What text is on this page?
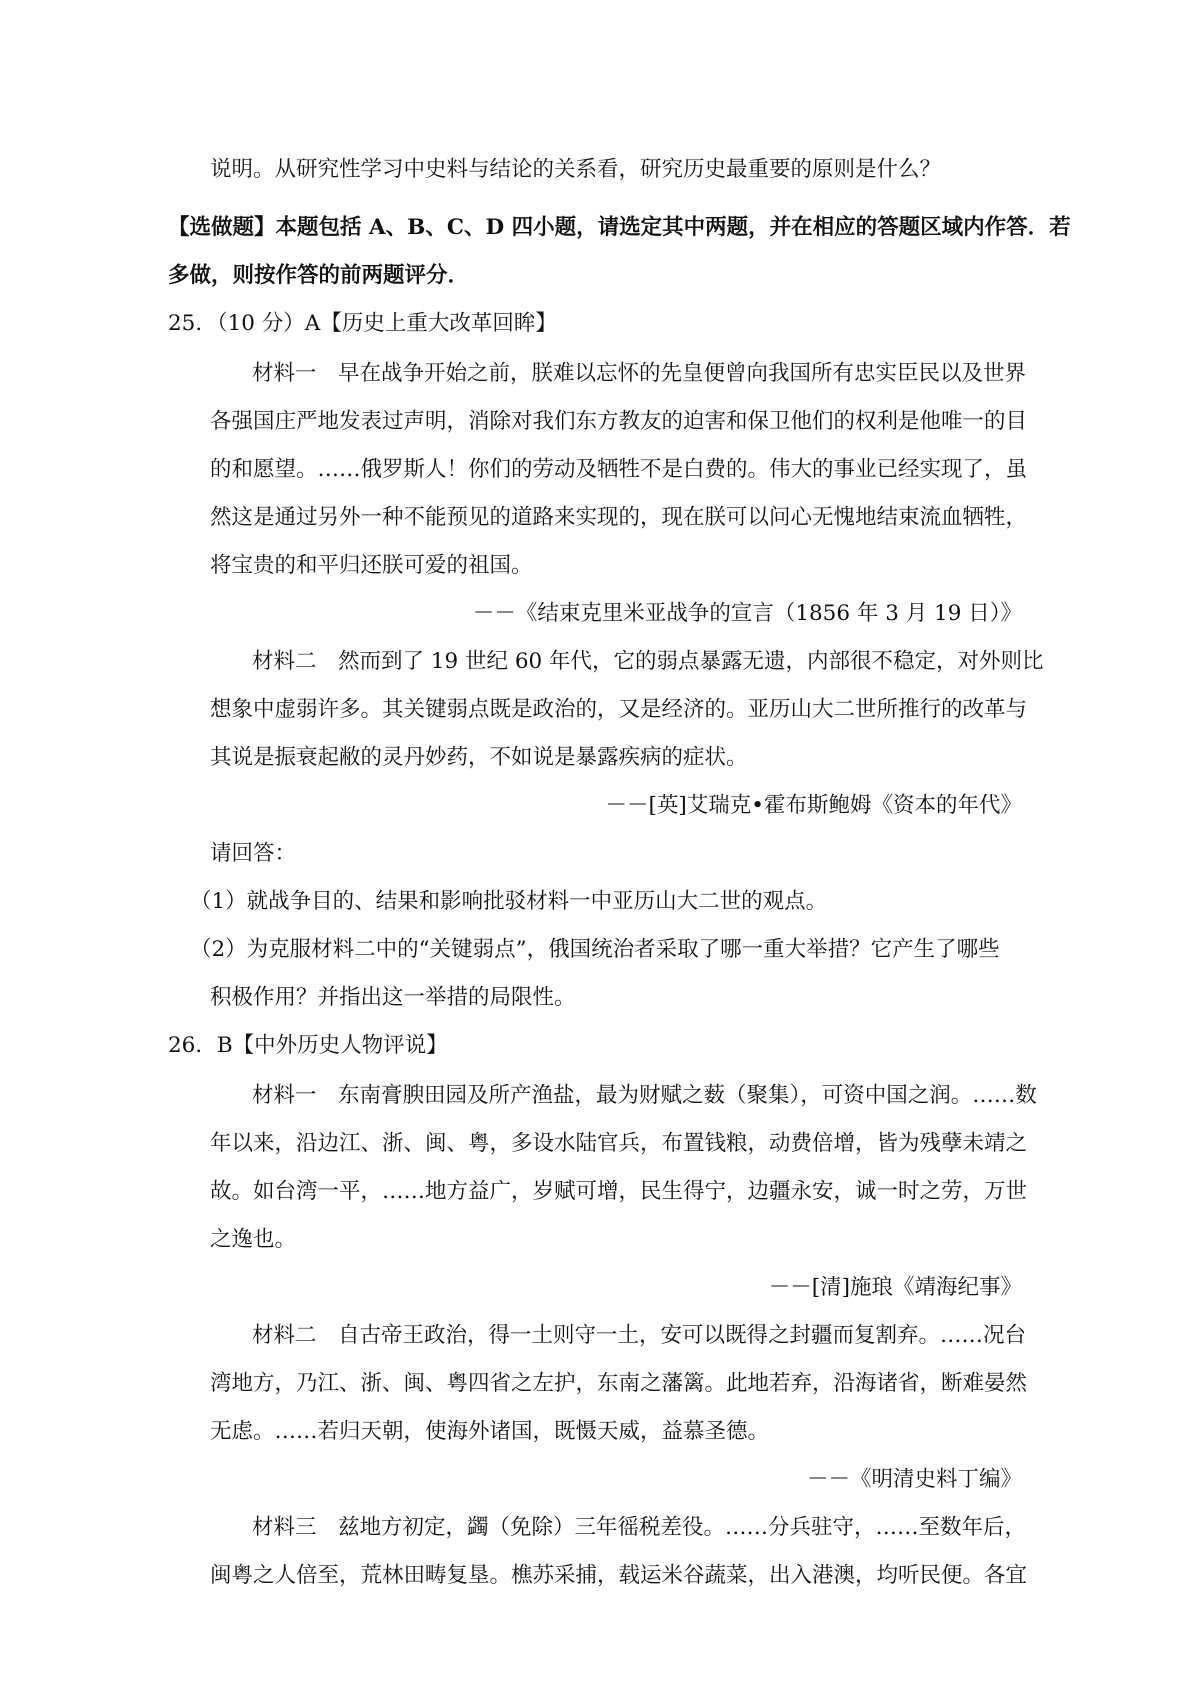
说明。从研究性学习中史料与结论的关系看，研究历史最重要的原则是什么？
【选做题】本题包括 A、B、C、D 四小题，请选定其中两题，并在相应的答题区域内作答．若
多做，则按作答的前两题评分．
25．（10 分）A【历史上重大改革回眸】
材料一　早在战争开始之前，朕难以忘怀的先皇便曾向我国所有忠实臣民以及世界
各强国庄严地发表过声明，消除对我们东方教友的迫害和保卫他们的权利是他唯一的目
的和愿望。……俄罗斯人！你们的劳动及牺牲不是白费的。伟大的事业已经实现了，虽
然这是通过另外一种不能预见的道路来实现的，现在朕可以问心无愧地结束流血牺牲，
将宝贵的和平归还朕可爱的祖国。
－－《结束克里米亚战争的宣言（1856 年 3 月 19 日）》
材料二　然而到了 19 世纪 60 年代，它的弱点暴露无遗，内部很不稳定，对外则比
想象中虚弱许多。其关键弱点既是政治的，又是经济的。亚历山大二世所推行的改革与
其说是振衰起敝的灵丹妙药，不如说是暴露疾病的症状。
－－[英]艾瑞克•霍布斯鲍姆《资本的年代》
请回答：
（1）就战争目的、结果和影响批驳材料一中亚历山大二世的观点。
（2）为克服材料二中的“关键弱点”，俄国统治者采取了哪一重大举措？它产生了哪些
积极作用？并指出这一举措的局限性。
26．B【中外历史人物评说】
材料一　东南膏腴田园及所产渔盐，最为财赋之薮（聚集），可资中国之润。……数
年以来，沿边江、浙、闽、粤，多设水陆官兵，布置钱粮，动费倍增，皆为残孽未靖之
故。如台湾一平，……地方益广，岁赋可增，民生得宁，边疆永安，诚一时之劳，万世
之逸也。
－－[清]施琅《靖海纪事》
材料二　自古帝王政治，得一土则守一土，安可以既得之封疆而复割弃。……况台
湾地方，乃江、浙、闽、粤四省之左护，东南之藩篱。此地若弃，沿海诸省，断难晏然
无虑。……若归天朝，使海外诸国，既慑天威，益慕圣德。
－－《明清史料丁编》
材料三　兹地方初定，蠲（免除）三年徭税差役。……分兵驻守，……至数年后，
闽粤之人倍至，荒林田畴复垦。樵苏采捕，载运米谷蔬菜，出入港澳，均听民便。各宜
